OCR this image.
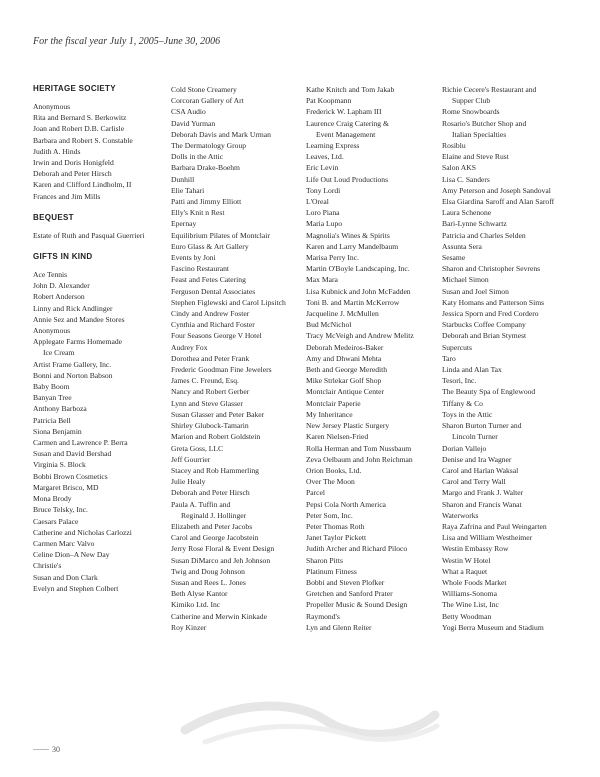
For the fiscal year July 1, 2005–June 30, 2006
HERITAGE SOCIETY
Anonymous
Rita and Bernard S. Berkowitz
Joan and Robert D.B. Carlisle
Barbara and Robert S. Constable
Judith A. Hinds
Irwin and Doris Honigfeld
Deborah and Peter Hirsch
Karen and Clifford Lindholm, II
Frances and Jim Mills
BEQUEST
Estate of Ruth and Pasqual Guerrieri
GIFTS IN KIND
Ace Tennis
John D. Alexander
Robert Anderson
Linny and Rick Andlinger
Annie Sez and Mandee Stores
Anonymous
Applegate Farms Homemade
Ice Cream
Artist Frame Gallery, Inc.
Bonni and Norton Babson
Baby Boom
Banyan Tree
Anthony Barboza
Patricia Bell
Siona Benjamin
Carmen and Lawrence P. Berra
Susan and David Bershad
Virginia S. Block
Bobbi Brown Cosmetics
Margaret Brisco, MD
Mona Brody
Bruce Telsky, Inc.
Caesars Palace
Catherine and Nicholas Carlozzi
Carmen Marc Valvo
Celine Dion–A New Day
Christie's
Susan and Don Clark
Evelyn and Stephen Colbert
Cold Stone Creamery
Corcoran Gallery of Art
CSA Audio
David Yurman
Deborah Davis and Mark Urman
The Dermatology Group
Dolls in the Attic
Barbara Drake-Boehm
Dunhill
Elie Tahari
Patti and Jimmy Elliott
Elly's Knit n Rest
Epernay
Equilibrium Pilates of Montclair
Euro Glass & Art Gallery
Events by Joni
Fascino Restaurant
Feast and Fetes Catering
Ferguson Dental Associates
Stephen Figlewski and Carol Lipsitch
Cindy and Andrew Foster
Cynthia and Richard Foster
Four Seasons George V Hotel
Audrey Fox
Dorothea and Peter Frank
Frederic Goodman Fine Jewelers
James C. Freund, Esq.
Nancy and Robert Gerber
Lynn and Steve Glasser
Susan Glasser and Peter Baker
Shirley Glubock-Tamarin
Marion and Robert Goldstein
Greta Goss, LLC
Jeff Gourrier
Stacey and Rob Hammerling
Julie Healy
Deborah and Peter Hirsch
Paula A. Tuffin and
Reginald J. Hollinger
Elizabeth and Peter Jacobs
Carol and George Jacobstein
Jerry Rose Floral & Event Design
Susan DiMarco and Jeh Johnson
Twig and Doug Johnson
Susan and Rees L. Jones
Beth Alyse Kantor
Kimiko Ltd. Inc
Catherine and Merwin Kinkade
Roy Kinzer
Kathe Knitch and Tom Jakab
Pat Koopmann
Frederick W. Lapham III
Laurence Craig Catering &
Event Management
Learning Express
Leaves, Ltd.
Eric Levin
Life Out Loud Productions
Tony Lordi
L'Oreal
Loro Piana
Maria Lupo
Magnolia's Wines & Spirits
Karen and Larry Mandelbaum
Marisa Perry Inc.
Martin O'Boyle Landscaping, Inc.
Max Mara
Lisa Kubnick and John McFadden
Toni B. and Martin McKerrow
Jacqueline J. McMullen
Bud McNichol
Tracy McVeigh and Andrew Melitz
Deborah Medeiros-Baker
Amy and Dhwani Mehta
Beth and George Meredith
Mike Strlekar Golf Shop
Montclair Antique Center
Montclair Paperie
My Inheritance
New Jersey Plastic Surgery
Karen Nielsen-Fried
Rolla Herman and Tom Nussbaum
Zeva Oelbaum and John Reichman
Orion Books, Ltd.
Over The Moon
Parcel
Pepsi Cola North America
Peter Som, Inc.
Peter Thomas Roth
Janet Taylor Pickett
Judith Archer and Richard Piloco
Sharon Pitts
Platinum Fitness
Bobbi and Steven Plofker
Gretchen and Sanford Prater
Propeller Music & Sound Design
Raymond's
Lyn and Glenn Reiter
Richie Cecere's Restaurant and
Supper Club
Rome Snowboards
Rosario's Butcher Shop and
Italian Specialties
Rosiblu
Elaine and Steve Rust
Salon AKS
Lisa C. Sanders
Amy Peterson and Joseph Sandoval
Elsa Giardina Saroff and Alan Saroff
Laura Schenone
Bari-Lynne Schwartz
Patricia and Charles Selden
Assunta Sera
Sesame
Sharon and Christopher Sevrens
Michael Simon
Susan and Joel Simon
Katy Homans and Patterson Sims
Jessica Sporn and Fred Cordero
Starbucks Coffee Company
Deborah and Brian Stymest
Supercuts
Taro
Linda and Alan Tax
Tesori, Inc.
The Beauty Spa of Englewood
Tiffany & Co
Toys in the Attic
Sharon Burton Turner and
Lincoln Turner
Dorian Vallejo
Denise and Ira Wagner
Carol and Harlan Waksal
Carol and Terry Wall
Margo and Frank J. Walter
Sharon and Francis Wanat
Waterworks
Raya Zafrina and Paul Weingarten
Lisa and William Westheimer
Westin Embassy Row
Westin W Hotel
What a Raquet
Whole Foods Market
Williams-Sonoma
The Wine List, Inc
Betty Woodman
Yogi Berra Museum and Stadium
30
